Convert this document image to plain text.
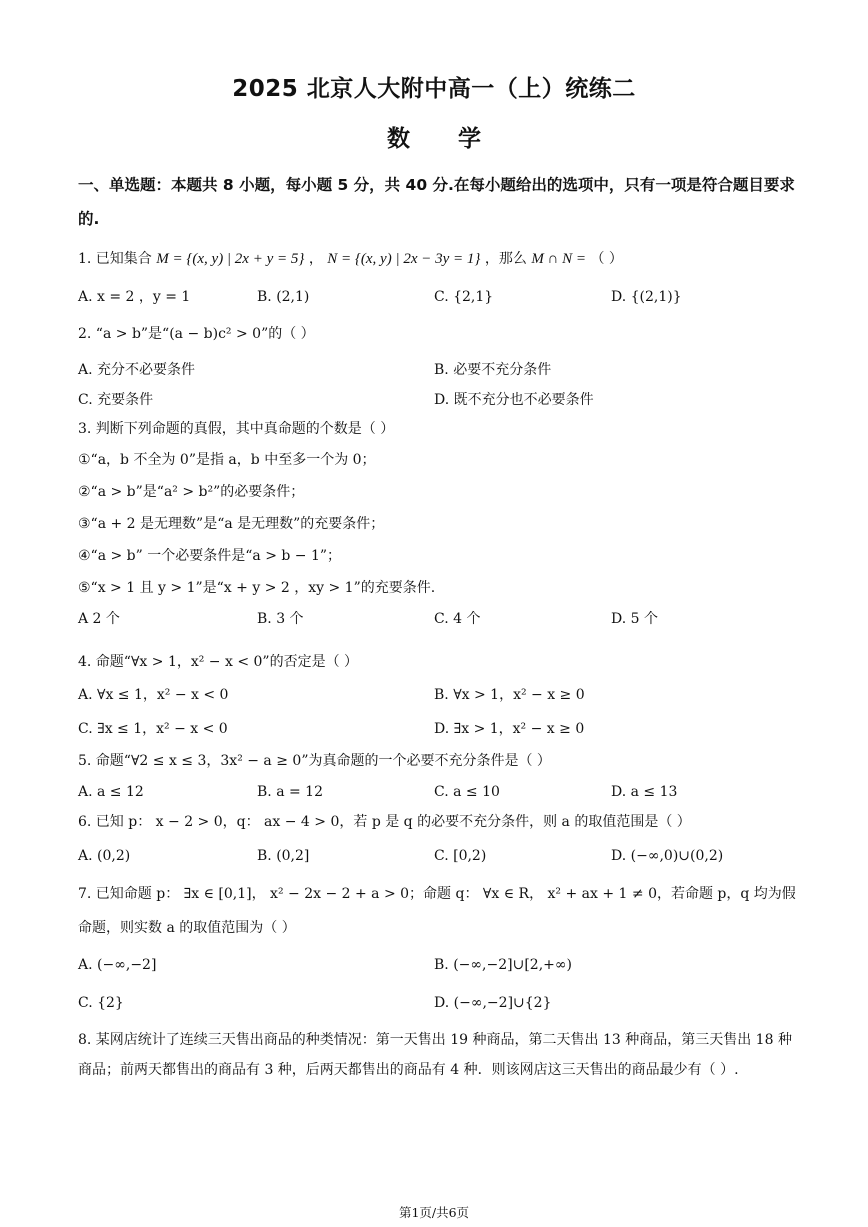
2025 北京人大附中高一（上）统练二
数 学
一、单选题：本题共 8 小题，每小题 5 分，共 40 分.在每小题给出的选项中，只有一项是符合题目要求的.
1. 已知集合 M = {(x, y) | 2x + y = 5} ， N = {(x, y) | 2x − 3y = 1} ，那么 M ∩ N = （ ）
A. x = 2 ，y = 1	B. (2,1)	C. {2,1}	D. {(2,1)}
2. “a > b”是“(a − b)c² > 0”的（ ）
A. 充分不必要条件	B. 必要不充分条件
C. 充要条件	D. 既不充分也不必要条件
3. 判断下列命题的真假，其中真命题的个数是（ ）
①“a，b 不全为 0”是指 a，b 中至多一个为 0；
②“a > b”是“a² > b²”的必要条件；
③“a + 2 是无理数”是“a 是无理数”的充要条件；
④“a > b” 一个必要条件是“a > b − 1”；
⑤“x > 1 且 y > 1”是“x + y > 2 ，xy > 1”的充要条件.
A 2 个	B. 3 个	C. 4 个	D. 5 个
4. 命题“∀x > 1，x² − x < 0”的否定是（ ）
A. ∀x ≤ 1，x² − x < 0	B. ∀x > 1，x² − x ≥ 0
C. ∃x ≤ 1，x² − x < 0	D. ∃x > 1，x² − x ≥ 0
5. 命题“∀2 ≤ x ≤ 3，3x² − a ≥ 0”为真命题的一个必要不充分条件是（ ）
A. a ≤ 12	B. a = 12	C. a ≤ 10	D. a ≤ 13
6. 已知 p： x − 2 > 0，q： ax − 4 > 0，若 p 是 q 的必要不充分条件，则 a 的取值范围是（ ）
A. (0,2)	B. (0,2]	C. [0,2)	D. (−∞,0)∪(0,2)
7. 已知命题 p： ∃x ∈ [0,1]， x² − 2x − 2 + a > 0；命题 q： ∀x ∈ R， x² + ax + 1 ≠ 0，若命题 p，q 均为假
命题，则实数 a 的取值范围为（ ）
A. (−∞,−2]	B. (−∞,−2]∪[2,+∞)
C. {2}	D. (−∞,−2]∪{2}
8. 某网店统计了连续三天售出商品的种类情况：第一天售出 19 种商品，第二天售出 13 种商品，第三天售出 18 种商品；前两天都售出的商品有 3 种，后两天都售出的商品有 4 种．则该网店这三天售出的商品最少有（ ）.
第1页/共6页
